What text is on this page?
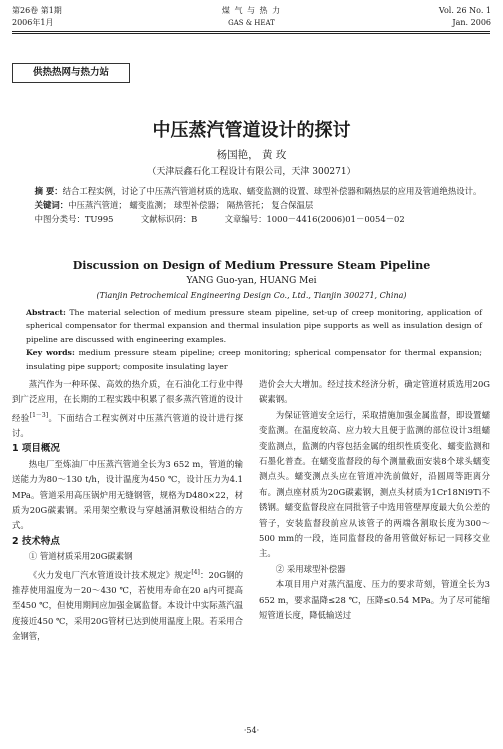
第26卷 第1期
2006年1月
煤 气 与 热 力
GAS & HEAT
Vol. 26 No. 1
Jan. 2006
供热热网与热力站
中压蒸汽管道设计的探讨
杨国艳， 黄 玫
（天津辰鑫石化工程设计有限公司，天津 300271）
摘 要：结合工程实例，讨论了中压蒸汽管道材质的选取、蠕变监测的设置、球型补偿器和隔热层的应用及管道绝热设计。
关键词：中压蒸汽管道； 蠕变监测； 球型补偿器； 隔热管托； 复合保温层
中图分类号：TU995	文献标识码：B	文章编号：1000－4416(2006)01－0054－02
Discussion on Design of Medium Pressure Steam Pipeline
YANG Guo-yan, HUANG Mei
(Tianjin Petrochemical Engineering Design Co., Ltd., Tianjin 300271, China)
Abstract: The material selection of medium pressure steam pipeline, set-up of creep monitoring, application of spherical compensator for thermal expansion and thermal insulation pipe supports as well as insulation design of pipeline are discussed with engineering examples.
Key words: medium pressure steam pipeline; creep monitoring; spherical compensator for thermal expansion; insulating pipe support; composite insulating layer

蒸汽作为一种环保、高效的热介质，在石油化工行业中得到广泛应用，在长期的工程实践中积累了很多蒸汽管道的设计经验[1－3]。下面结合工程实例对中压蒸汽管道的设计进行探讨。

1 项目概况

热电厂至炼油厂中压蒸汽管道全长为3 652 m，管道的输送能力为80～130 t/h，设计温度为450 ℃，设计压力为4.1 MPa。管道采用高压锅炉用无缝钢管，规格为D480×22，材质为20G碳素钢。采用架空敷设与穿越涵洞敷设相结合的方式。

2 技术特点
① 管道材质采用20G碳素钢

《火力发电厂汽水管道设计技术规定》规定[4]：20G钢的推荐使用温度为－20～430 ℃，若使用寿命在20 a内可提高至450 ℃，但使用期间应加强金属监督。本设计中实际蒸汽温度接近450 ℃，采用20G管材已达到使用温度上限。若采用合金钢管，

造价会大大增加。经过技术经济分析，确定管道材质选用20G碳素钢。

为保证管道安全运行，采取措施加强金属监督，即设置蠕变监测。在温度较高、应力较大且便于监测的部位设计3组蠕变监测点，监测的内容包括金属的组织性质变化、蠕变监测和石墨化普查。在蠕变监督段的每个测量截面安装8个球头蠕变测点头。蠕变测点头应在管道冲洗前做好，沿圆周等距离分布。测点座材质为20G碳素钢，测点头材质为1Cr18Ni9Ti不锈钢。蠕变监督段应在同批管子中选用管壁厚度最大负公差的管子，安装监督段前应从该管子的两端各割取长度为300～500 mm的一段，连同监督段的备用管做好标记一同移交业主。

② 采用球型补偿器

本项目用户对蒸汽温度、压力的要求苛刻，管道全长为3 652 m，要求温降≤28 ℃，压降≤0.54 MPa。为了尽可能缩短管道长度，降低输送过

·54·
